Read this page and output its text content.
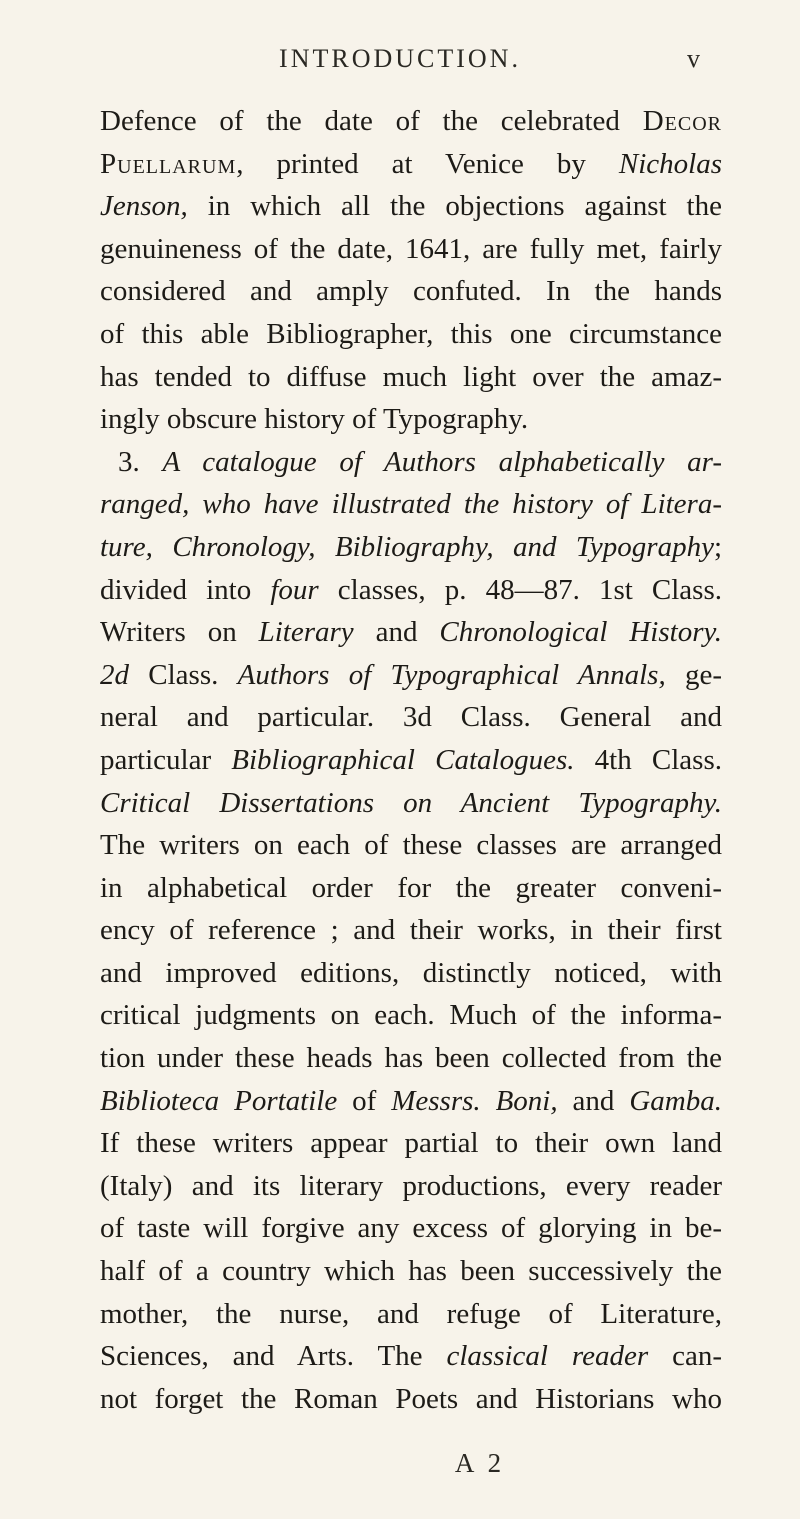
INTRODUCTION.	v
Defence of the date of the celebrated Decor
Puellarum, printed at Venice by Nicholas
Jenson, in which all the objections against the
genuineness of the date, 1641, are fully met, fairly
considered and amply confuted. In the hands
of this able Bibliographer, this one circumstance
has tended to diffuse much light over the amaz-
ingly obscure history of Typography.
3. A catalogue of Authors alphabetically ar-
ranged, who have illustrated the history of Litera-
ture, Chronology, Bibliography, and Typography;
divided into four classes, p. 48—87. 1st Class.
Writers on Literary and Chronological History.
2d Class. Authors of Typographical Annals, ge-
neral and particular. 3d Class. General and
particular Bibliographical Catalogues. 4th Class.
Critical Dissertations on Ancient Typography.
The writers on each of these classes are arranged
in alphabetical order for the greater conveni-
ency of reference ; and their works, in their first
and improved editions, distinctly noticed, with
critical judgments on each. Much of the informa-
tion under these heads has been collected from the
Biblioteca Portatile of Messrs. Boni, and Gamba.
If these writers appear partial to their own land
(Italy) and its literary productions, every reader
of taste will forgive any excess of glorying in be-
half of a country which has been successively the
mother, the nurse, and refuge of Literature,
Sciences, and Arts. The classical reader can-
not forget the Roman Poets and Historians who
A 2
